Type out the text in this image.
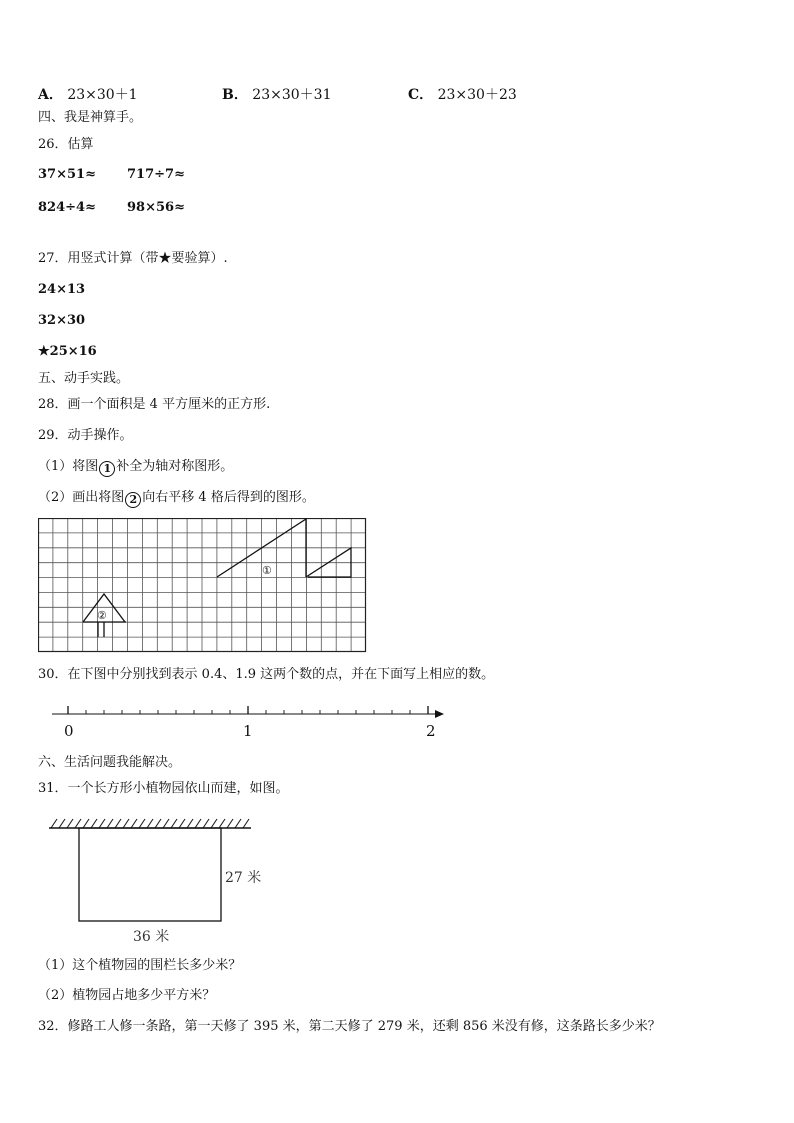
A． 23×30＋1	B． 23×30＋31	C． 23×30＋23
四、我是神算手。
26．估算
37×51≈ 717÷7≈
824÷4≈ 98×56≈
27．用竖式计算（带★要验算）.
24×13
32×30
★25×16
五、动手实践。
28．画一个面积是 4 平方厘米的正方形.
29．动手操作。
（1）将图 1 补全为轴对称图形。
（2）画出将图 2 向右平移 4 格后得到的图形。
①
②
30．在下图中分别找到表示 0.4、1.9 这两个数的点，并在下面写上相应的数。
0	1	2
六、生活问题我能解决。
31．一个长方形小植物园依山而建，如图。
27 米
36 米
（1）这个植物园的围栏长多少米？
（2）植物园占地多少平方米？
32．修路工人修一条路，第一天修了 395 米，第二天修了 279 米，还剩 856 米没有修，这条路长多少米？
